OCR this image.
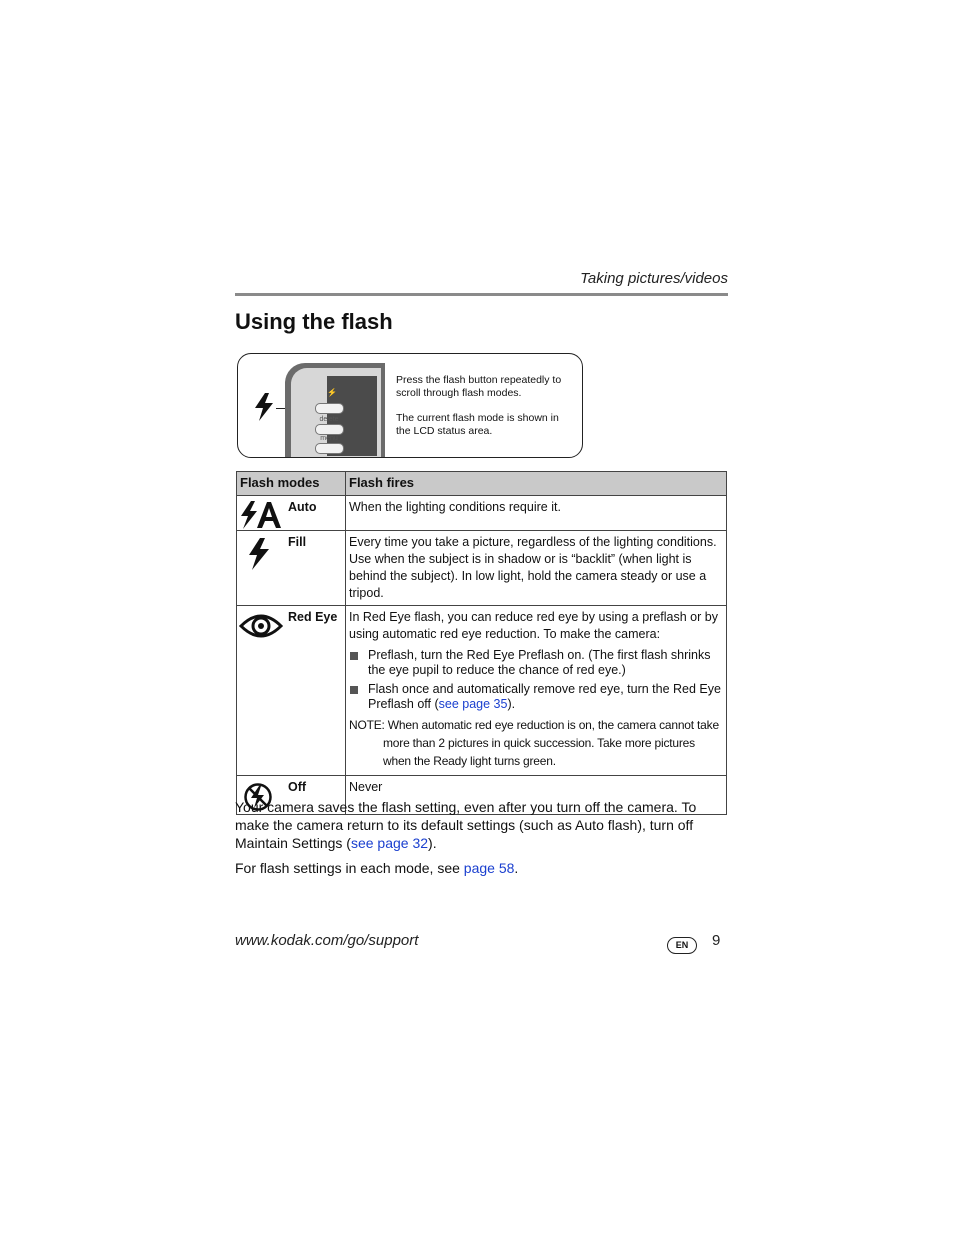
Taking pictures/videos
Using the flash
⚡
delete
menu

Press the flash button repeatedly to scroll through flash modes.

The current flash mode is shown in the LCD status area.

Flash modes	Flash fires

Auto	When the lighting conditions require it.

Fill	Every time you take a picture, regardless of the lighting conditions. Use when the subject is in shadow or is “backlit” (when light is behind the subject). In low light, hold the camera steady or use a tripod.

Red Eye	In Red Eye flash, you can reduce red eye by using a preflash or by using automatic red eye reduction. To make the camera:
Preflash, turn the Red Eye Preflash on. (The first flash shrinks the eye pupil to reduce the chance of red eye.)
Flash once and automatically remove red eye, turn the Red Eye Preflash off (see page 35).
NOTE: When automatic red eye reduction is on, the camera cannot take more than 2 pictures in quick succession. Take more pictures when the Ready light turns green.

Off	Never

Your camera saves the flash setting, even after you turn off the camera. To make the camera return to its default settings (such as Auto flash), turn off Maintain Settings (see page 32).

For flash settings in each mode, see page 58.

www.kodak.com/go/support	EN	9
